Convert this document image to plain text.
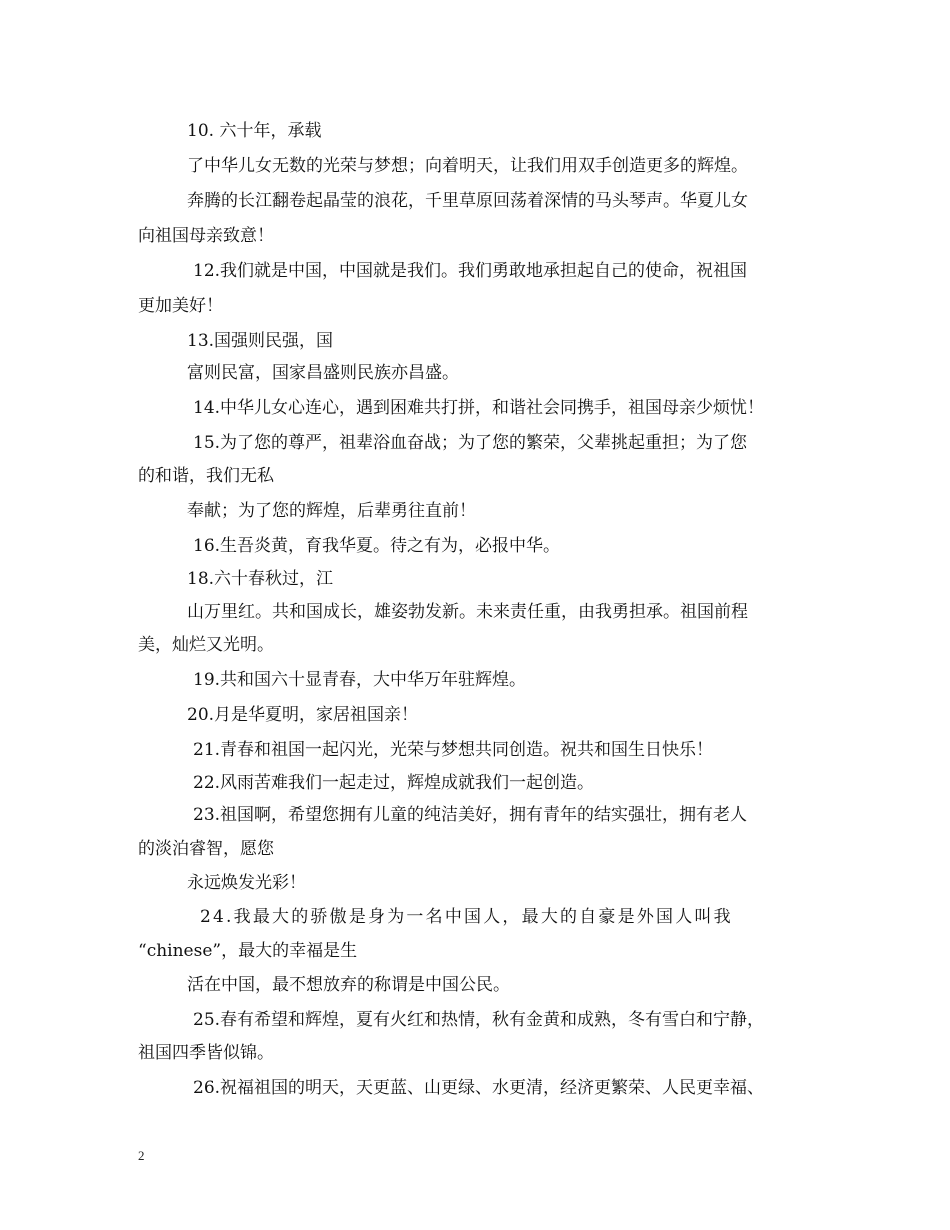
10. 六十年，承载
了中华儿女无数的光荣与梦想；向着明天，让我们用双手创造更多的辉煌。
奔腾的长江翻卷起晶莹的浪花，千里草原回荡着深情的马头琴声。华夏儿女
向祖国母亲致意！
12.我们就是中国，中国就是我们。我们勇敢地承担起自己的使命，祝祖国
更加美好！
13.国强则民强，国
富则民富，国家昌盛则民族亦昌盛。
14.中华儿女心连心，遇到困难共打拼，和谐社会同携手，祖国母亲少烦忧！
15.为了您的尊严，祖辈浴血奋战；为了您的繁荣，父辈挑起重担；为了您
的和谐，我们无私
奉献；为了您的辉煌，后辈勇往直前！
16.生吾炎黄，育我华夏。待之有为，必报中华。
18.六十春秋过，江
山万里红。共和国成长，雄姿勃发新。未来责任重，由我勇担承。祖国前程
美，灿烂又光明。
19.共和国六十显青春，大中华万年驻辉煌。
20.月是华夏明，家居祖国亲！
21.青春和祖国一起闪光，光荣与梦想共同创造。祝共和国生日快乐！
22.风雨苦难我们一起走过，辉煌成就我们一起创造。
23.祖国啊，希望您拥有儿童的纯洁美好，拥有青年的结实强壮，拥有老人
的淡泊睿智，愿您
永远焕发光彩！
24.我最大的骄傲是身为一名中国人，最大的自豪是外国人叫我
“chinese”，最大的幸福是生
活在中国，最不想放弃的称谓是中国公民。
25.春有希望和辉煌，夏有火红和热情，秋有金黄和成熟，冬有雪白和宁静，
祖国四季皆似锦。
26.祝福祖国的明天，天更蓝、山更绿、水更清，经济更繁荣、人民更幸福、
2
